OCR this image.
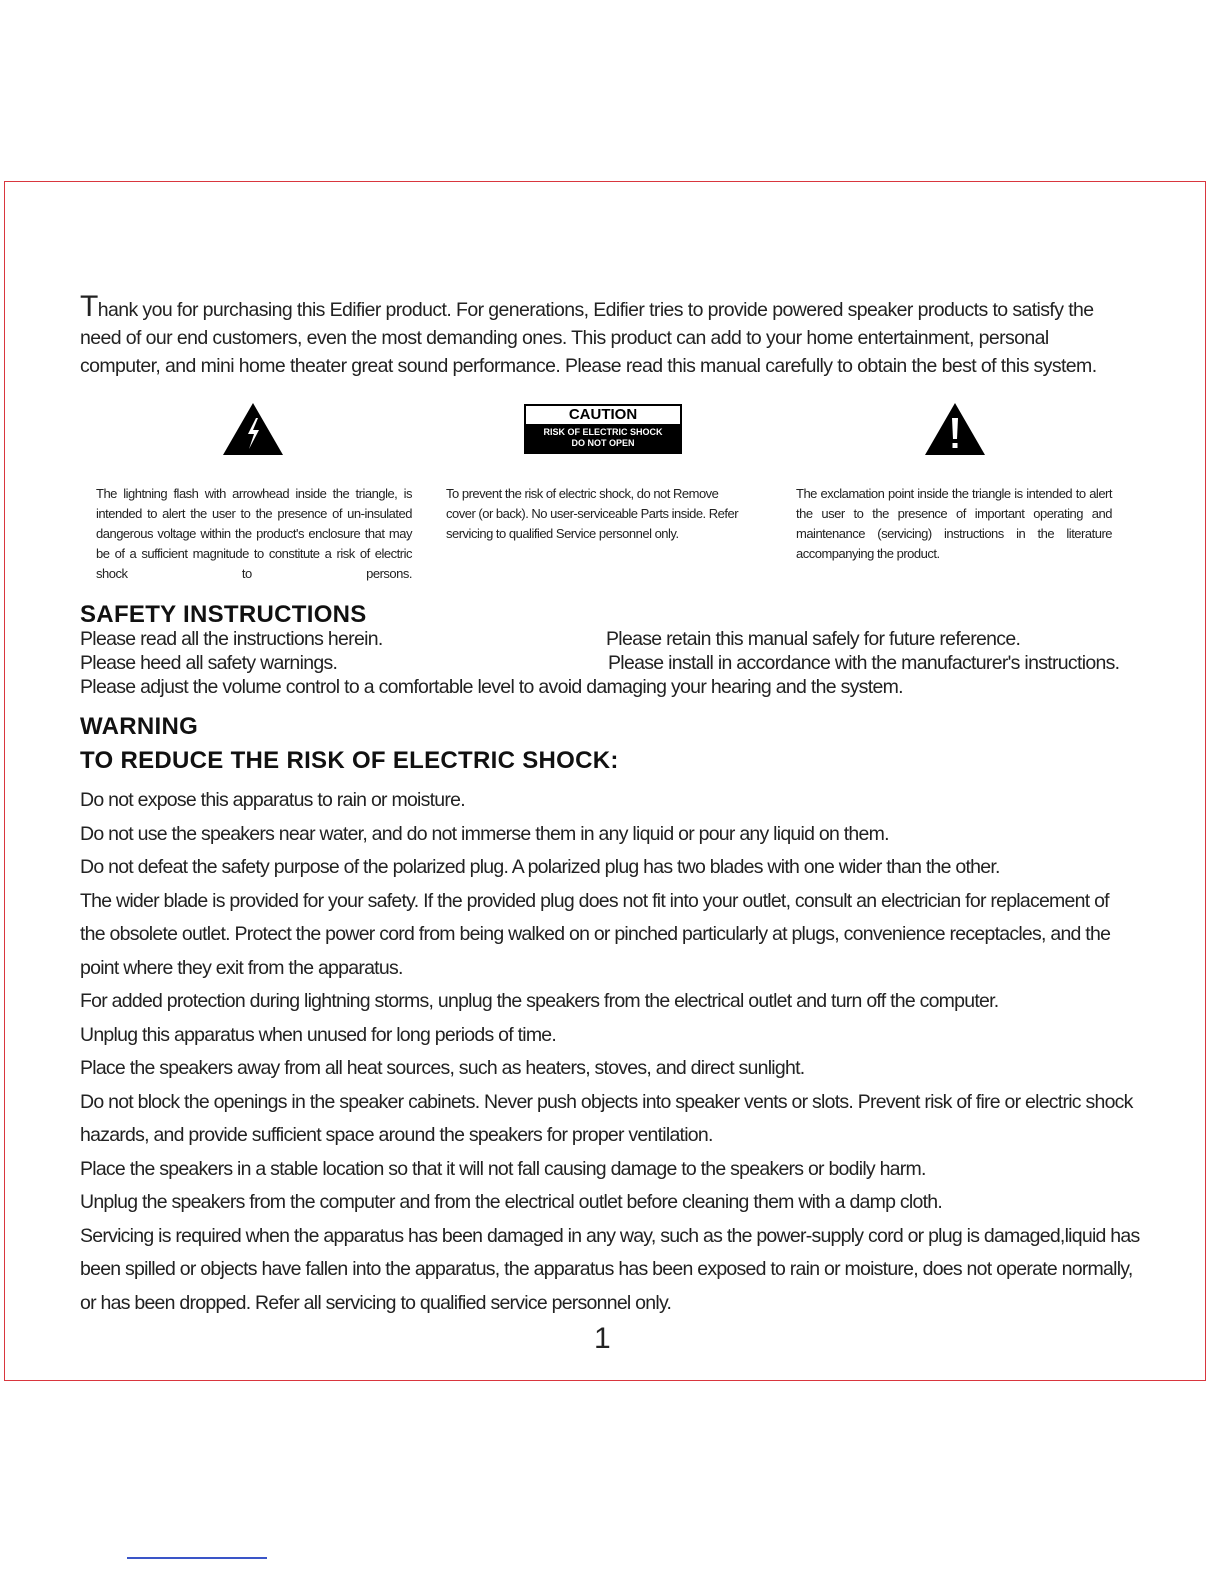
Thank you for purchasing this Edifier product. For generations, Edifier tries to provide powered speaker products to satisfy the need of our end customers, even the most demanding ones. This product can add to your home entertainment, personal computer, and mini home theater great sound performance. Please read this manual carefully to obtain the best of this system.

CAUTION
RISK OF ELECTRIC SHOCK
DO NOT OPEN
The lightning flash with arrowhead inside the triangle, is intended to alert the user to the presence of un-insulated dangerous voltage within the product's enclosure that may be of a sufficient magnitude to constitute a risk of electric shock to persons.
To prevent the risk of electric shock, do not Remove cover (or back). No user-serviceable Parts inside. Refer servicing to qualified Service personnel only.
The exclamation point inside the triangle is intended to alert the user to the presence of important operating and maintenance (servicing) instructions in the literature accompanying the product.
SAFETY INSTRUCTIONS
Please read all the instructions herein.	Please retain this manual safely for future reference.
Please heed all safety warnings.	Please install in accordance with the manufacturer's instructions.
Please adjust the volume control to a comfortable level to avoid damaging your hearing and the system.
WARNING
TO REDUCE THE RISK OF ELECTRIC SHOCK:
Do not expose this apparatus to rain or moisture.
Do not use the speakers near water, and do not immerse them in any liquid or pour any liquid on them.
Do not defeat the safety purpose of the polarized plug. A polarized plug has two blades with one wider than the other.
The wider blade is provided for your safety. If the provided plug does not fit into your outlet, consult an electrician for replacement of
the obsolete outlet. Protect the power cord from being walked on or pinched particularly at plugs, convenience receptacles, and the
point where they exit from the apparatus.
For added protection during lightning storms, unplug the speakers from the electrical outlet and turn off the computer.
Unplug this apparatus when unused for long periods of time.
Place the speakers away from all heat sources, such as heaters, stoves, and direct sunlight.
Do not block the openings in the speaker cabinets. Never push objects into speaker vents or slots. Prevent risk of fire or electric shock
hazards, and provide sufficient space around the speakers for proper ventilation.
Place the speakers in a stable location so that it will not fall causing damage to the speakers or bodily harm.
Unplug the speakers from the computer and from the electrical outlet before cleaning them with a damp cloth.
Servicing is required when the apparatus has been damaged in any way, such as the power-supply cord or plug is damaged,liquid has
been spilled or objects have fallen into the apparatus, the apparatus has been exposed to rain or moisture, does not operate normally,
or has been dropped. Refer all servicing to qualified service personnel only.
1
